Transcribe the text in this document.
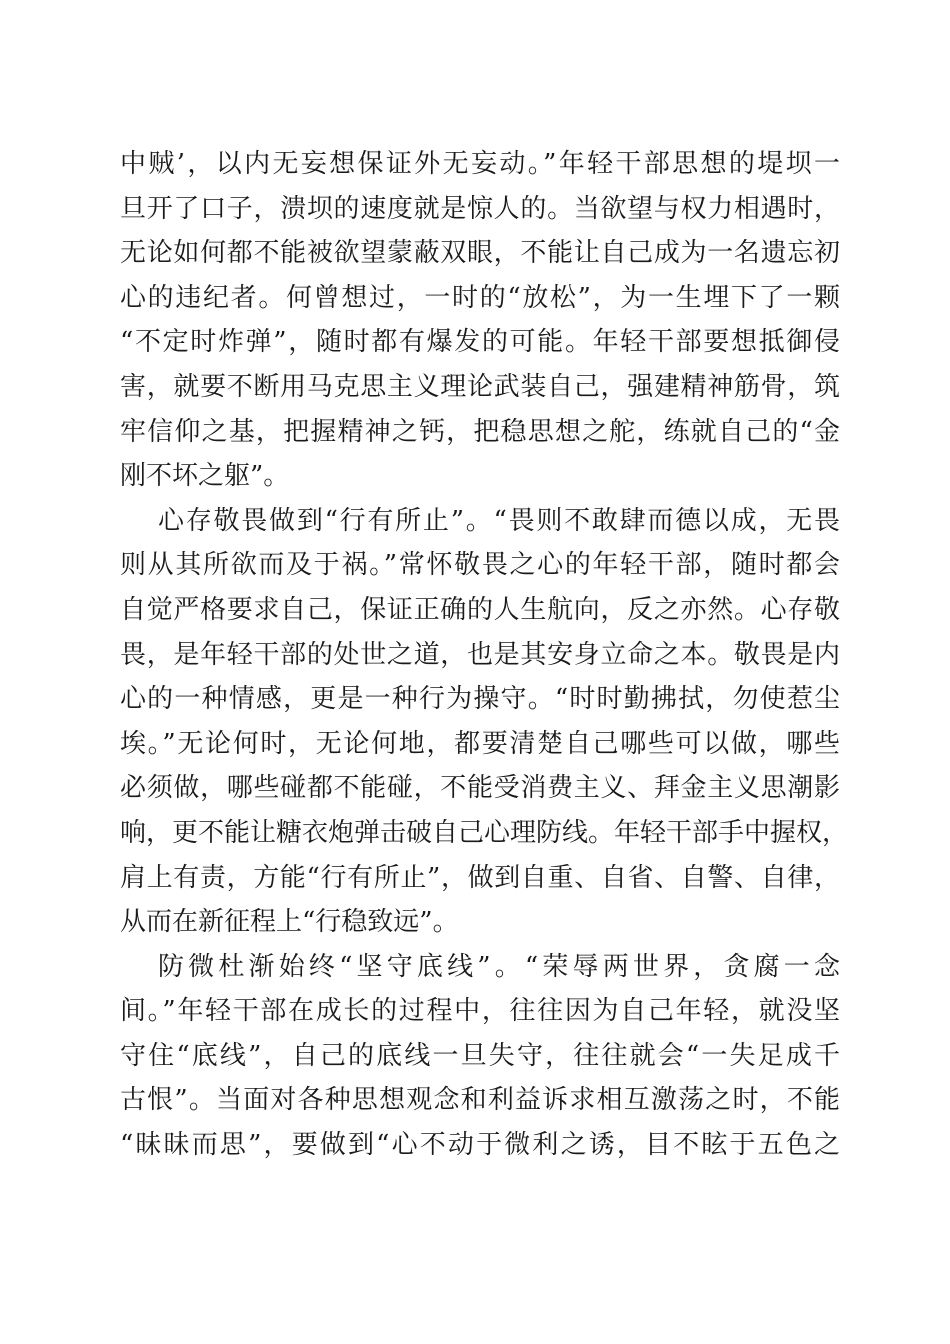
中贼’，以内无妄想保证外无妄动。”年轻干部思想的堤坝一
旦开了口子，溃坝的速度就是惊人的。当欲望与权力相遇时，
无论如何都不能被欲望蒙蔽双眼，不能让自己成为一名遗忘初
心的违纪者。何曾想过，一时的“放松”，为一生埋下了一颗
“不定时炸弹”，随时都有爆发的可能。年轻干部要想抵御侵
害，就要不断用马克思主义理论武装自己，强建精神筋骨，筑
牢信仰之基，把握精神之钙，把稳思想之舵，练就自己的“金
刚不坏之躯”。
心存敬畏做到“行有所止”。“畏则不敢肆而德以成，无畏
则从其所欲而及于祸。”常怀敬畏之心的年轻干部，随时都会
自觉严格要求自己，保证正确的人生航向，反之亦然。心存敬
畏，是年轻干部的处世之道，也是其安身立命之本。敬畏是内
心的一种情感，更是一种行为操守。“时时勤拂拭，勿使惹尘
埃。”无论何时，无论何地，都要清楚自己哪些可以做，哪些
必须做，哪些碰都不能碰，不能受消费主义、拜金主义思潮影
响，更不能让糖衣炮弹击破自己心理防线。年轻干部手中握权，
肩上有责，方能“行有所止”，做到自重、自省、自警、自律，
从而在新征程上“行稳致远”。
防微杜渐始终“坚守底线”。“荣辱两世界，贪腐一念
间。”年轻干部在成长的过程中，往往因为自己年轻，就没坚
守住“底线”，自己的底线一旦失守，往往就会“一失足成千
古恨”。当面对各种思想观念和利益诉求相互激荡之时，不能
“昧昧而思”，要做到“心不动于微利之诱，目不眩于五色之
